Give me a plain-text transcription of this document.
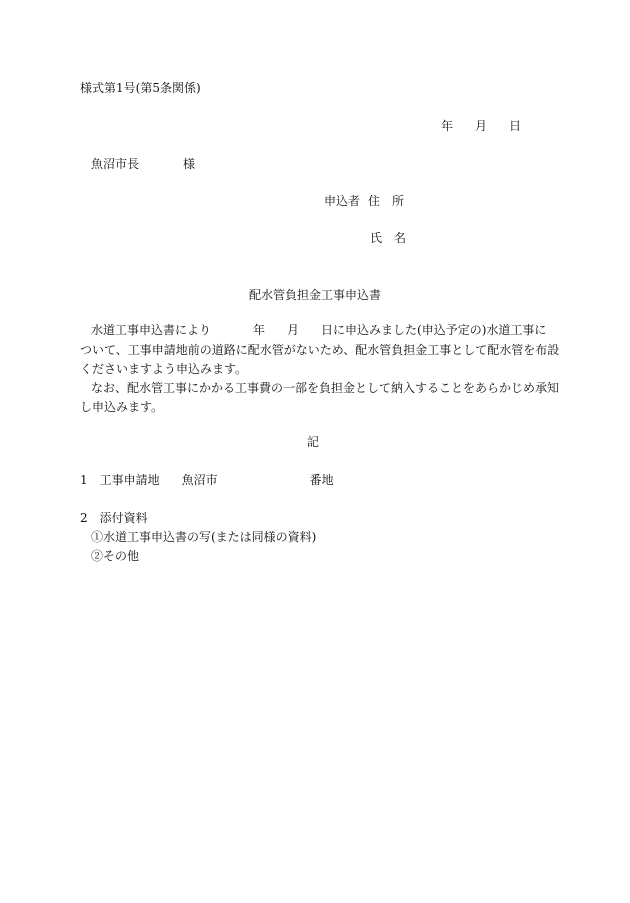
様式第1号(第5条関係)
年 月 日
魚沼市長	様
申込者 住　所
氏　名
配水管負担金工事申込書
水道工事申込書により	年 月 日に申込みました(申込予定の)水道工事に
ついて、工事申請地前の道路に配水管がないため、配水管負担金工事として配水管を布設
くださいますよう申込みます。
なお、配水管工事にかかる工事費の一部を負担金として納入することをあらかじめ承知
し申込みます。
記
1 工事申請地 魚沼市	番地
2 添付資料
①水道工事申込書の写(または同様の資料)
②その他
